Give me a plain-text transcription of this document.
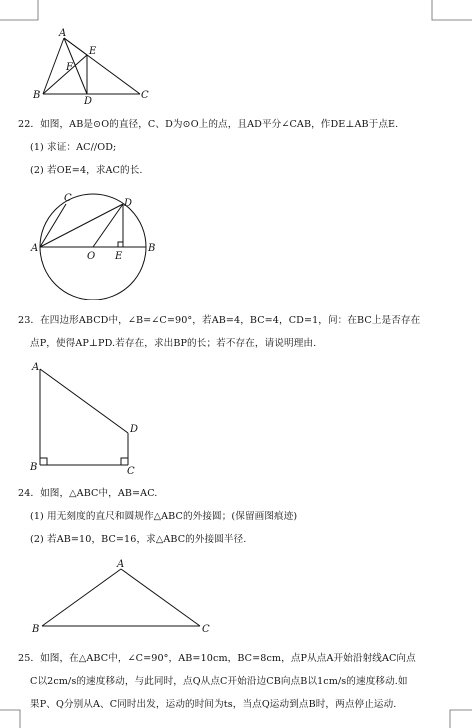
A
E
F
B
D
C
22．如图，AB是⊙O的直径，C、D为⊙O上的点，且AD平分∠CAB，作DE⊥AB于点E.
(1) 求证：AC//OD;
(2) 若OE=4，求AC的长.
C	D
A
O E
B
23．在四边形ABCD中，∠B=∠C=90°，若AB=4，BC=4，CD=1，问：在BC上是否存在
点P，使得AP⊥PD.若存在，求出BP的长；若不存在，请说明理由.
A
D
B	C
24．如图，△ABC中，AB=AC.
(1) 用无刻度的直尺和圆规作△ABC的外接圆；(保留画图痕迹)
(2) 若AB=10，BC=16，求△ABC的外接圆半径.
A
B	C
25．如图，在△ABC中，∠C=90°，AB=10cm，BC=8cm，点P从点A开始沿射线AC向点
C以2cm/s的速度移动，与此同时，点Q从点C开始沿边CB向点B以1cm/s的速度移动.如
果P、Q分别从A、C同时出发，运动的时间为ts，当点Q运动到点B时，两点停止运动.
